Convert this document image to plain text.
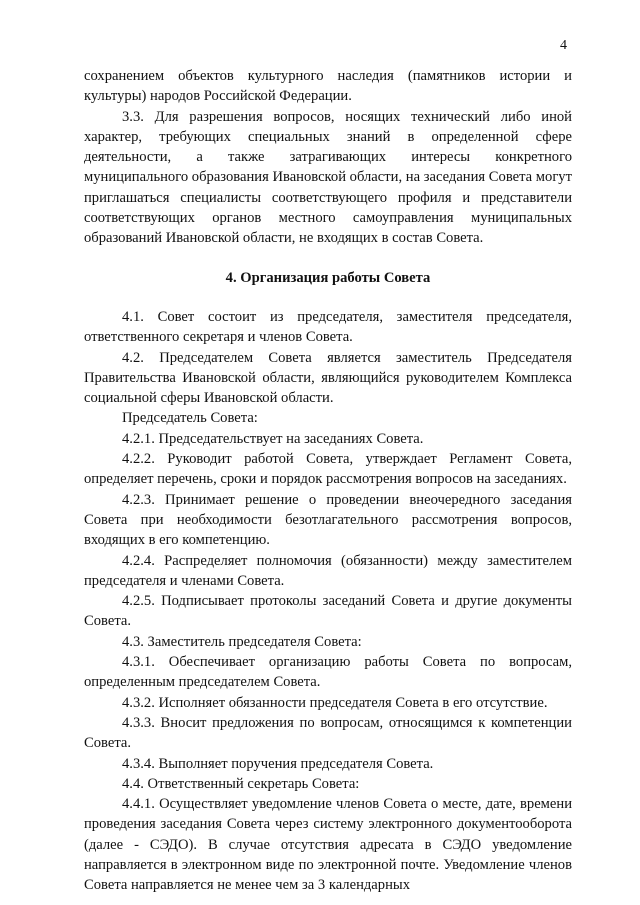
4

сохранением объектов культурного наследия (памятников истории и культуры) народов Российской Федерации.

3.3. Для разрешения вопросов, носящих технический либо иной характер, требующих специальных знаний в определенной сфере деятельности, а также затрагивающих интересы конкретного муниципального образования Ивановской области, на заседания Совета могут приглашаться специалисты соответствующего профиля и представители соответствующих органов местного самоуправления муниципальных образований Ивановской области, не входящих в состав Совета.

4. Организация работы Совета

4.1. Совет состоит из председателя, заместителя председателя, ответственного секретаря и членов Совета.

4.2. Председателем Совета является заместитель Председателя Правительства Ивановской области, являющийся руководителем Комплекса социальной сферы Ивановской области.

Председатель Совета:

4.2.1. Председательствует на заседаниях Совета.

4.2.2. Руководит работой Совета, утверждает Регламент Совета, определяет перечень, сроки и порядок рассмотрения вопросов на заседаниях.

4.2.3. Принимает решение о проведении внеочередного заседания Совета при необходимости безотлагательного рассмотрения вопросов, входящих в его компетенцию.

4.2.4. Распределяет полномочия (обязанности) между заместителем председателя и членами Совета.

4.2.5. Подписывает протоколы заседаний Совета и другие документы Совета.

4.3. Заместитель председателя Совета:

4.3.1. Обеспечивает организацию работы Совета по вопросам, определенным председателем Совета.

4.3.2. Исполняет обязанности председателя Совета в его отсутствие.

4.3.3. Вносит предложения по вопросам, относящимся к компетенции Совета.

4.3.4. Выполняет поручения председателя Совета.

4.4. Ответственный секретарь Совета:

4.4.1. Осуществляет уведомление членов Совета о месте, дате, времени проведения заседания Совета через систему электронного документооборота (далее - СЭДО). В случае отсутствия адресата в СЭДО уведомление направляется в электронном виде по электронной почте. Уведомление членов Совета направляется не менее чем за 3 календарных
